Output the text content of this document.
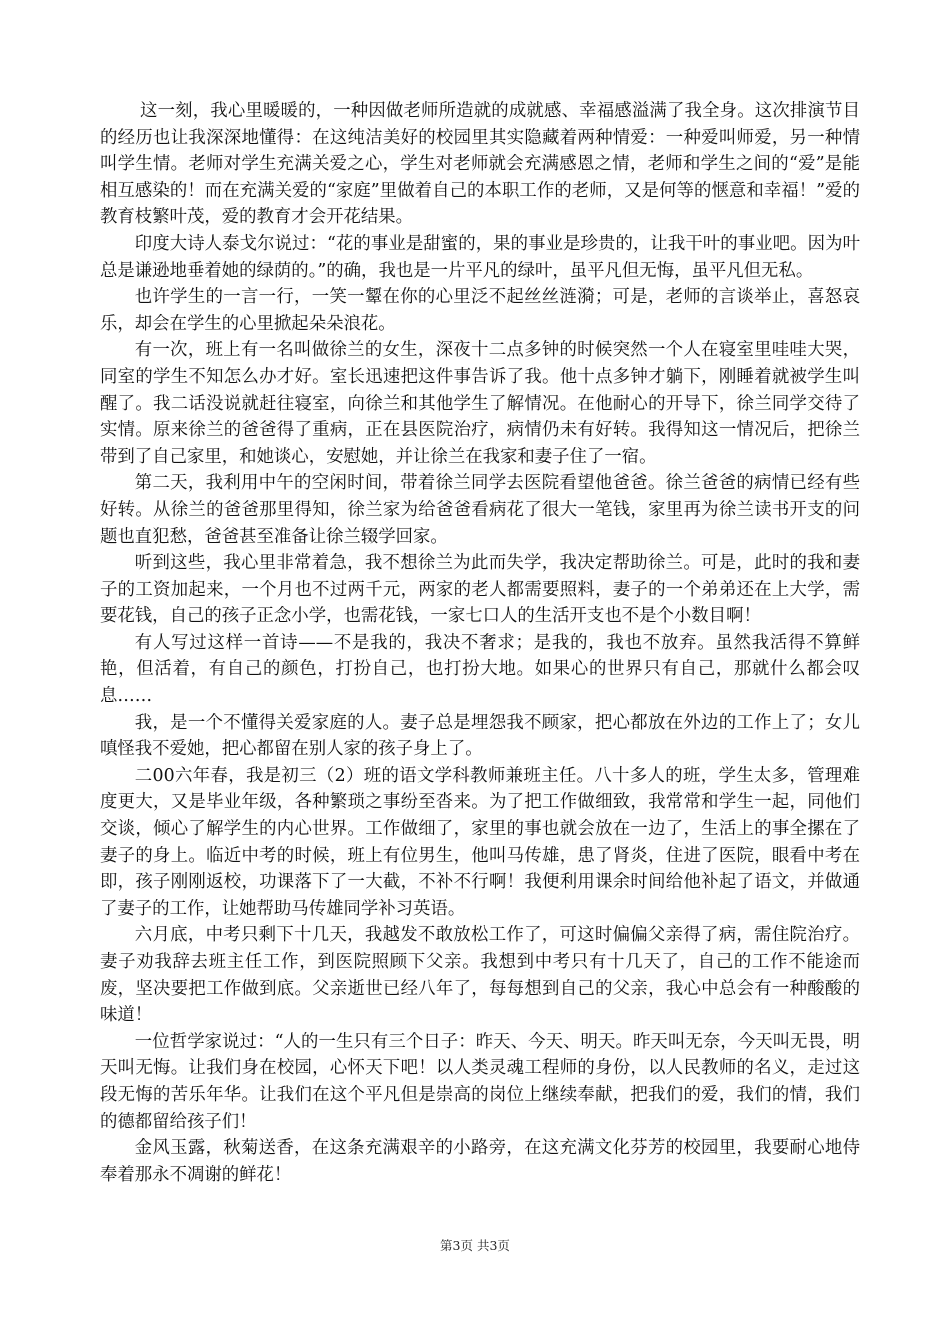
这一刻，我心里暖暖的，一种因做老师所造就的成就感、幸福感溢满了我全身。这次排演节目的经历也让我深深地懂得：在这纯洁美好的校园里其实隐藏着两种情爱：一种爱叫师爱，另一种情叫学生情。老师对学生充满关爱之心，学生对老师就会充满感恩之情，老师和学生之间的“爱”是能相互感染的！而在充满关爱的“家庭”里做着自己的本职工作的老师，又是何等的惬意和幸福！”爱的教育枝繁叶茂，爱的教育才会开花结果。

印度大诗人泰戈尔说过：“花的事业是甜蜜的，果的事业是珍贵的，让我干叶的事业吧。因为叶总是谦逊地垂着她的绿荫的。”的确，我也是一片平凡的绿叶，虽平凡但无悔，虽平凡但无私。

也许学生的一言一行，一笑一颦在你的心里泛不起丝丝涟漪；可是，老师的言谈举止，喜怒哀乐，却会在学生的心里掀起朵朵浪花。

有一次，班上有一名叫做徐兰的女生，深夜十二点多钟的时候突然一个人在寝室里哇哇大哭，同室的学生不知怎么办才好。室长迅速把这件事告诉了我。他十点多钟才躺下，刚睡着就被学生叫醒了。我二话没说就赶往寝室，向徐兰和其他学生了解情况。在他耐心的开导下，徐兰同学交待了实情。原来徐兰的爸爸得了重病，正在县医院治疗，病情仍未有好转。我得知这一情况后，把徐兰带到了自己家里，和她谈心，安慰她，并让徐兰在我家和妻子住了一宿。

第二天，我利用中午的空闲时间，带着徐兰同学去医院看望他爸爸。徐兰爸爸的病情已经有些好转。从徐兰的爸爸那里得知，徐兰家为给爸爸看病花了很大一笔钱，家里再为徐兰读书开支的问题也直犯愁，爸爸甚至准备让徐兰辍学回家。

听到这些，我心里非常着急，我不想徐兰为此而失学，我决定帮助徐兰。可是，此时的我和妻子的工资加起来，一个月也不过两千元，两家的老人都需要照料，妻子的一个弟弟还在上大学，需要花钱，自己的孩子正念小学，也需花钱，一家七口人的生活开支也不是个小数目啊！

有人写过这样一首诗——不是我的，我决不奢求；是我的，我也不放弃。虽然我活得不算鲜艳，但活着，有自己的颜色，打扮自己，也打扮大地。如果心的世界只有自己，那就什么都会叹息……

我，是一个不懂得关爱家庭的人。妻子总是埋怨我不顾家，把心都放在外边的工作上了；女儿嗔怪我不爱她，把心都留在别人家的孩子身上了。

二00六年春，我是初三（2）班的语文学科教师兼班主任。八十多人的班，学生太多，管理难度更大，又是毕业年级，各种繁琐之事纷至沓来。为了把工作做细致，我常常和学生一起，同他们交谈，倾心了解学生的内心世界。工作做细了，家里的事也就会放在一边了，生活上的事全摞在了妻子的身上。临近中考的时候，班上有位男生，他叫马传雄，患了肾炎，住进了医院，眼看中考在即，孩子刚刚返校，功课落下了一大截，不补不行啊！我便利用课余时间给他补起了语文，并做通了妻子的工作，让她帮助马传雄同学补习英语。

六月底，中考只剩下十几天，我越发不敢放松工作了，可这时偏偏父亲得了病，需住院治疗。妻子劝我辞去班主任工作，到医院照顾下父亲。我想到中考只有十几天了，自己的工作不能途而废，坚决要把工作做到底。父亲逝世已经八年了，每每想到自己的父亲，我心中总会有一种酸酸的味道！

一位哲学家说过：“人的一生只有三个日子：昨天、今天、明天。昨天叫无奈，今天叫无畏，明天叫无悔。让我们身在校园，心怀天下吧！以人类灵魂工程师的身份，以人民教师的名义，走过这段无悔的苦乐年华。让我们在这个平凡但是崇高的岗位上继续奉献，把我们的爱，我们的情，我们的德都留给孩子们！

金风玉露，秋菊送香，在这条充满艰辛的小路旁，在这充满文化芬芳的校园里，我要耐心地侍奉着那永不凋谢的鲜花！

第3页 共3页
